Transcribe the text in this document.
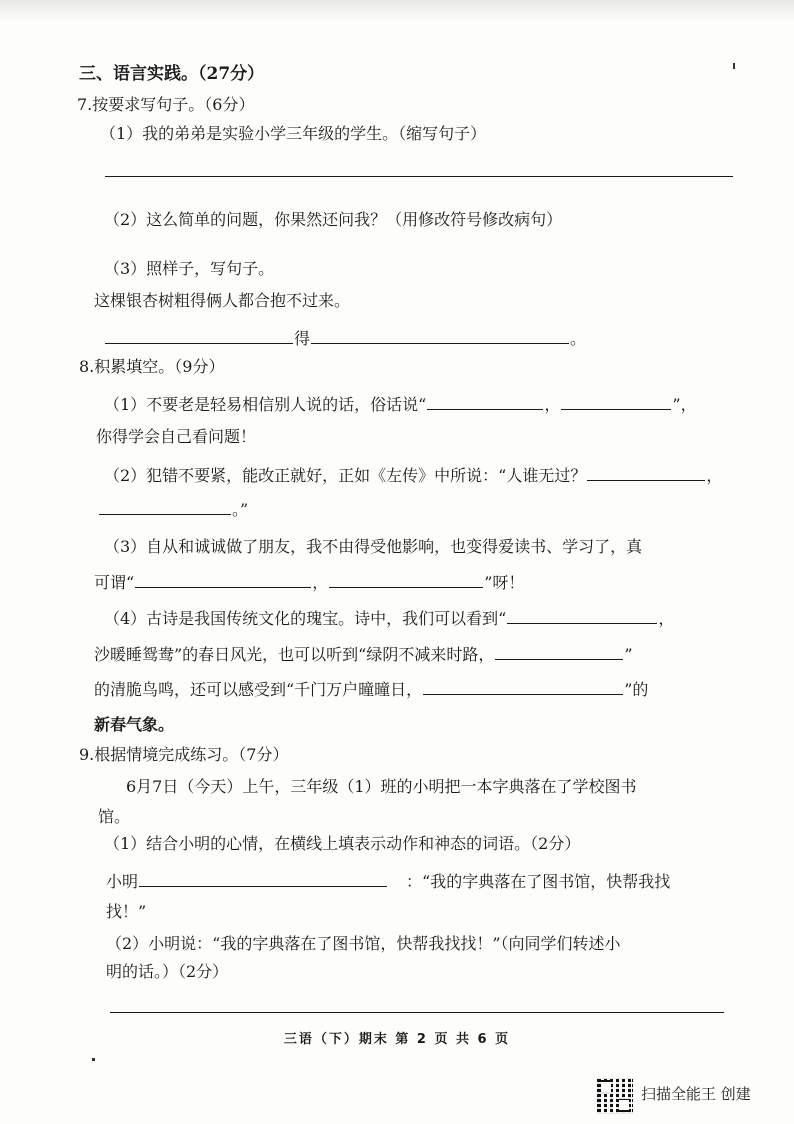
三、语言实践。（27分）
7.按要求写句子。（6分）
（1）我的弟弟是实验小学三年级的学生。（缩写句子）
（2）这么简单的问题，你果然还问我？（用修改符号修改病句）
（3）照样子，写句子。
这棵银杏树粗得俩人都合抱不过来。
得	。
8.积累填空。（9分）
（1）不要老是轻易相信别人说的话，俗话说“	，	”，
你得学会自己看问题！
（2）犯错不要紧，能改正就好，正如《左传》中所说：“人谁无过？	，
。”
（3）自从和诚诚做了朋友，我不由得受他影响，也变得爱读书、学习了，真
可谓“	，	”呀！
（4）古诗是我国传统文化的瑰宝。诗中，我们可以看到“	，
沙暖睡鸳鸯”的春日风光，也可以听到“绿阴不减来时路，	”
的清脆鸟鸣，还可以感受到“千门万户曈曈日，	”的
新春气象。
9.根据情境完成练习。（7分）
6月7日（今天）上午，三年级（1）班的小明把一本字典落在了学校图书
馆。
（1）结合小明的心情，在横线上填表示动作和神态的词语。（2分）
小明	：“我的字典落在了图书馆，快帮我找
找！”
（2）小明说：“我的字典落在了图书馆，快帮我找找！”（向同学们转述小
明的话。）（2分）
三语（下）期末 第 2 页 共 6 页
扫描全能王 创建
